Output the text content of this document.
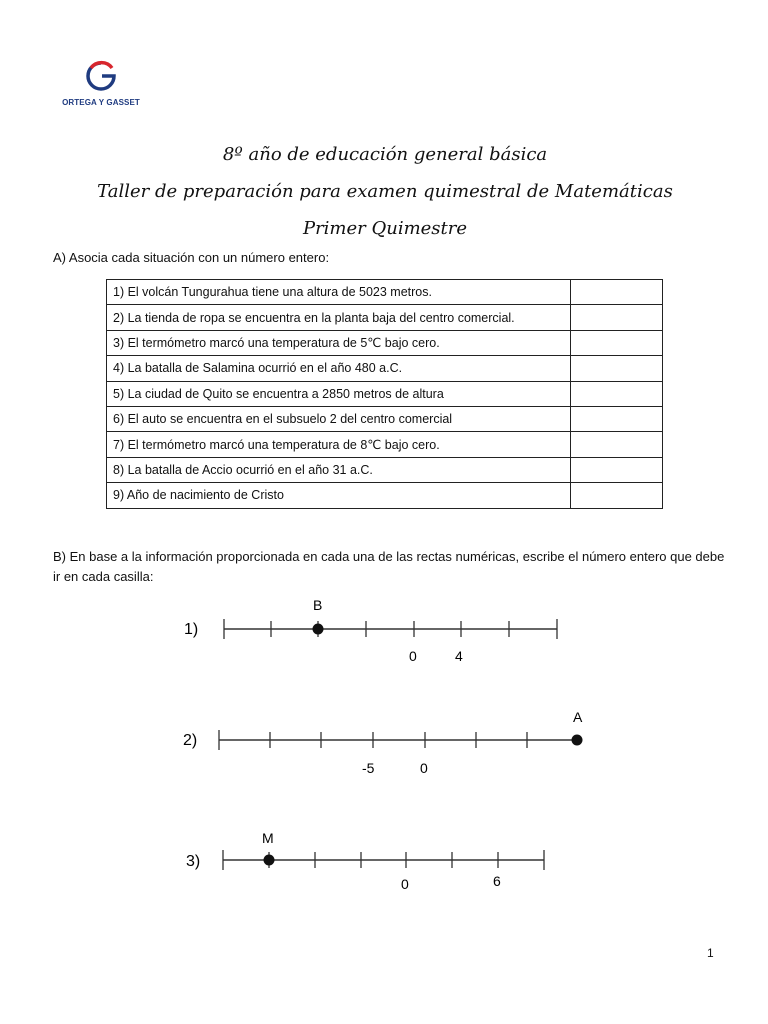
ORTEGA Y GASSET
8º año de educación general básica
Taller de preparación para examen quimestral de Matemáticas
Primer Quimestre
A) Asocia cada situación con un número entero:
1) El volcán Tungurahua tiene una altura de 5023 metros.	
2) La tienda de ropa se encuentra en la planta baja del centro comercial.	
3) El termómetro marcó una temperatura de 5℃ bajo cero.	
4) La batalla de Salamina ocurrió en el año 480 a.C.	
5) La ciudad de Quito se encuentra a 2850 metros de altura	
6) El auto se encuentra en el subsuelo 2 del centro comercial	
7) El termómetro marcó una temperatura de 8℃ bajo cero.	
8) La batalla de Accio ocurrió en el año 31 a.C.	
9) Año de nacimiento de Cristo	
B) En base a la información proporcionada en cada una de las rectas numéricas, escribe el número entero que debe ir en cada casilla:
1)
B
0	4
2)
A
-5	0
3)
M
0	6
1
